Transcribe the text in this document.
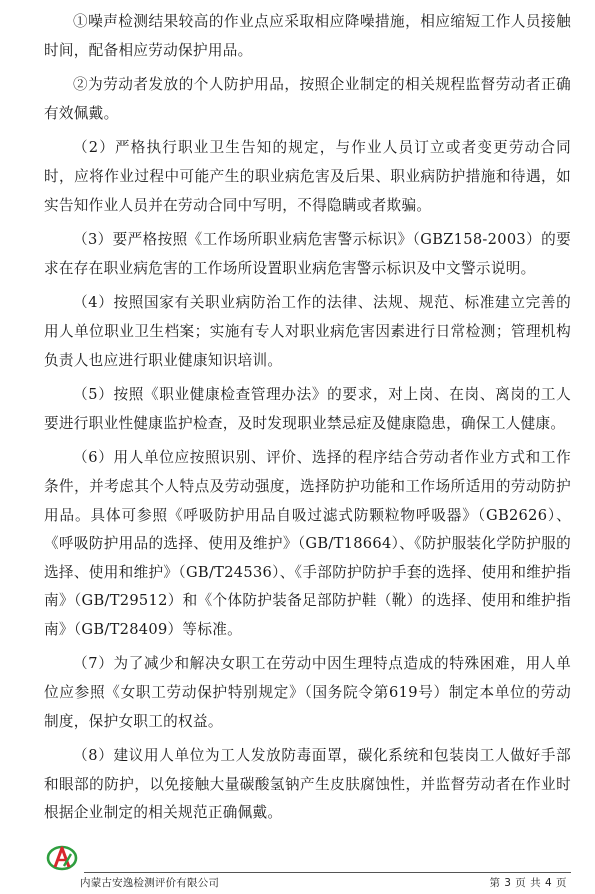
①噪声检测结果较高的作业点应采取相应降噪措施，相应缩短工作人员接触时间，配备相应劳动保护用品。

②为劳动者发放的个人防护用品，按照企业制定的相关规程监督劳动者正确有效佩戴。

（2）严格执行职业卫生告知的规定，与作业人员订立或者变更劳动合同时，应将作业过程中可能产生的职业病危害及后果、职业病防护措施和待遇，如实告知作业人员并在劳动合同中写明，不得隐瞒或者欺骗。

（3）要严格按照《工作场所职业病危害警示标识》（GBZ158-2003）的要求在存在职业病危害的工作场所设置职业病危害警示标识及中文警示说明。

（4）按照国家有关职业病防治工作的法律、法规、规范、标准建立完善的用人单位职业卫生档案；实施有专人对职业病危害因素进行日常检测；管理机构负责人也应进行职业健康知识培训。

（5）按照《职业健康检查管理办法》的要求，对上岗、在岗、离岗的工人要进行职业性健康监护检查，及时发现职业禁忌症及健康隐患，确保工人健康。

（6）用人单位应按照识别、评价、选择的程序结合劳动者作业方式和工作条件，并考虑其个人特点及劳动强度，选择防护功能和工作场所适用的劳动防护用品。具体可参照《呼吸防护用品自吸过滤式防颗粒物呼吸器》（GB2626）、《呼吸防护用品的选择、使用及维护》（GB/T18664）、《防护服装化学防护服的选择、使用和维护》（GB/T24536）、《手部防护防护手套的选择、使用和维护指南》（GB/T29512）和《个体防护装备足部防护鞋（靴）的选择、使用和维护指南》（GB/T28409）等标准。

（7）为了减少和解决女职工在劳动中因生理特点造成的特殊困难，用人单位应参照《女职工劳动保护特别规定》（国务院令第619号）制定本单位的劳动制度，保护女职工的权益。

（8）建议用人单位为工人发放防毒面罩，碳化系统和包装岗工人做好手部和眼部的防护，以免接触大量碳酸氢钠产生皮肤腐蚀性，并监督劳动者在作业时根据企业制定的相关规范正确佩戴。

内蒙古安逸检测评价有限公司	第 3 页 共 4 页
